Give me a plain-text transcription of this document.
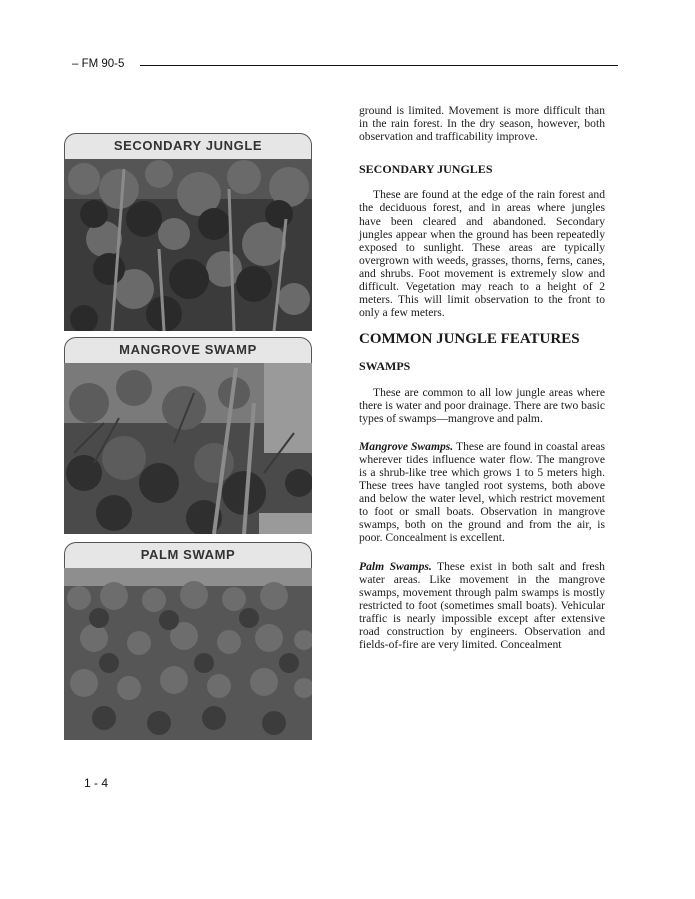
– FM 90-5
SECONDARY JUNGLE
MANGROVE SWAMP
PALM SWAMP

ground is limited. Movement is more difficult than in the rain forest. In the dry season, however, both observation and trafficability improve.

SECONDARY JUNGLES

These are found at the edge of the rain forest and the deciduous forest, and in areas where jungles have been cleared and abandoned. Secondary jungles appear when the ground has been repeatedly exposed to sunlight. These areas are typically overgrown with weeds, grasses, thorns, ferns, canes, and shrubs. Foot movement is extremely slow and difficult. Vegetation may reach to a height of 2 meters. This will limit observation to the front to only a few meters.

COMMON JUNGLE FEATURES

SWAMPS

These are common to all low jungle areas where there is water and poor drainage. There are two basic types of swamps—mangrove and palm.

Mangrove Swamps. These are found in coastal areas wherever tides influence water flow. The mangrove is a shrub-like tree which grows 1 to 5 meters high. These trees have tangled root systems, both above and below the water level, which restrict movement to foot or small boats. Observation in mangrove swamps, both on the ground and from the air, is poor. Concealment is excellent.

Palm Swamps. These exist in both salt and fresh water areas. Like movement in the mangrove swamps, movement through palm swamps is mostly restricted to foot (sometimes small boats). Vehicular traffic is nearly impossible except after extensive road construction by engineers. Observation and fields-of-fire are very limited. Concealment

1 - 4
